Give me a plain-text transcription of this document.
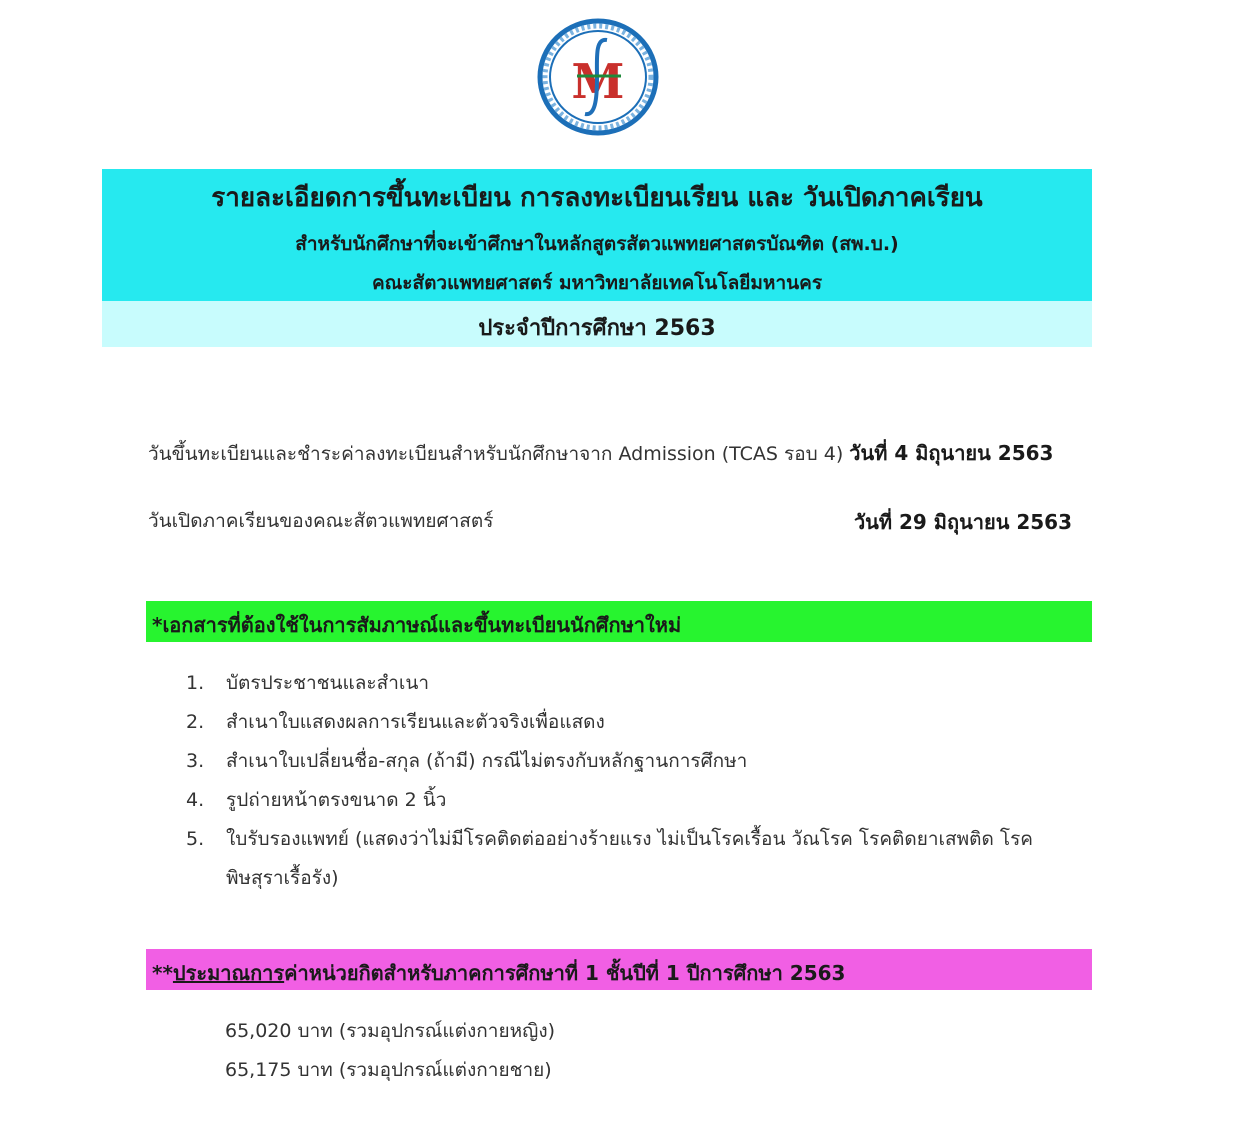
M
รายละเอียดการขึ้นทะเบียน การลงทะเบียนเรียน และ วันเปิดภาคเรียน
สำหรับนักศึกษาที่จะเข้าศึกษาในหลักสูตรสัตวแพทยศาสตรบัณฑิต (สพ.บ.)
คณะสัตวแพทยศาสตร์ มหาวิทยาลัยเทคโนโลยีมหานคร
ประจำปีการศึกษา 2563
วันขึ้นทะเบียนและชำระค่าลงทะเบียนสำหรับนักศึกษาจาก Admission (TCAS รอบ 4) วันที่ 4 มิถุนายน 2563
วันเปิดภาคเรียนของคณะสัตวแพทยศาสตร์	วันที่ 29 มิถุนายน 2563
*เอกสารที่ต้องใช้ในการสัมภาษณ์และขึ้นทะเบียนนักศึกษาใหม่
1. บัตรประชาชนและสำเนา
2. สำเนาใบแสดงผลการเรียนและตัวจริงเพื่อแสดง
3. สำเนาใบเปลี่ยนชื่อ-สกุล (ถ้ามี) กรณีไม่ตรงกับหลักฐานการศึกษา
4. รูปถ่ายหน้าตรงขนาด 2 นิ้ว
5. ใบรับรองแพทย์ (แสดงว่าไม่มีโรคติดต่ออย่างร้ายแรง ไม่เป็นโรคเรื้อน วัณโรค โรคติดยาเสพติด โรคพิษสุราเรื้อรัง)
**ประมาณการค่าหน่วยกิตสำหรับภาคการศึกษาที่ 1 ชั้นปีที่ 1 ปีการศึกษา 2563
65,020 บาท (รวมอุปกรณ์แต่งกายหญิง)
65,175 บาท (รวมอุปกรณ์แต่งกายชาย)
